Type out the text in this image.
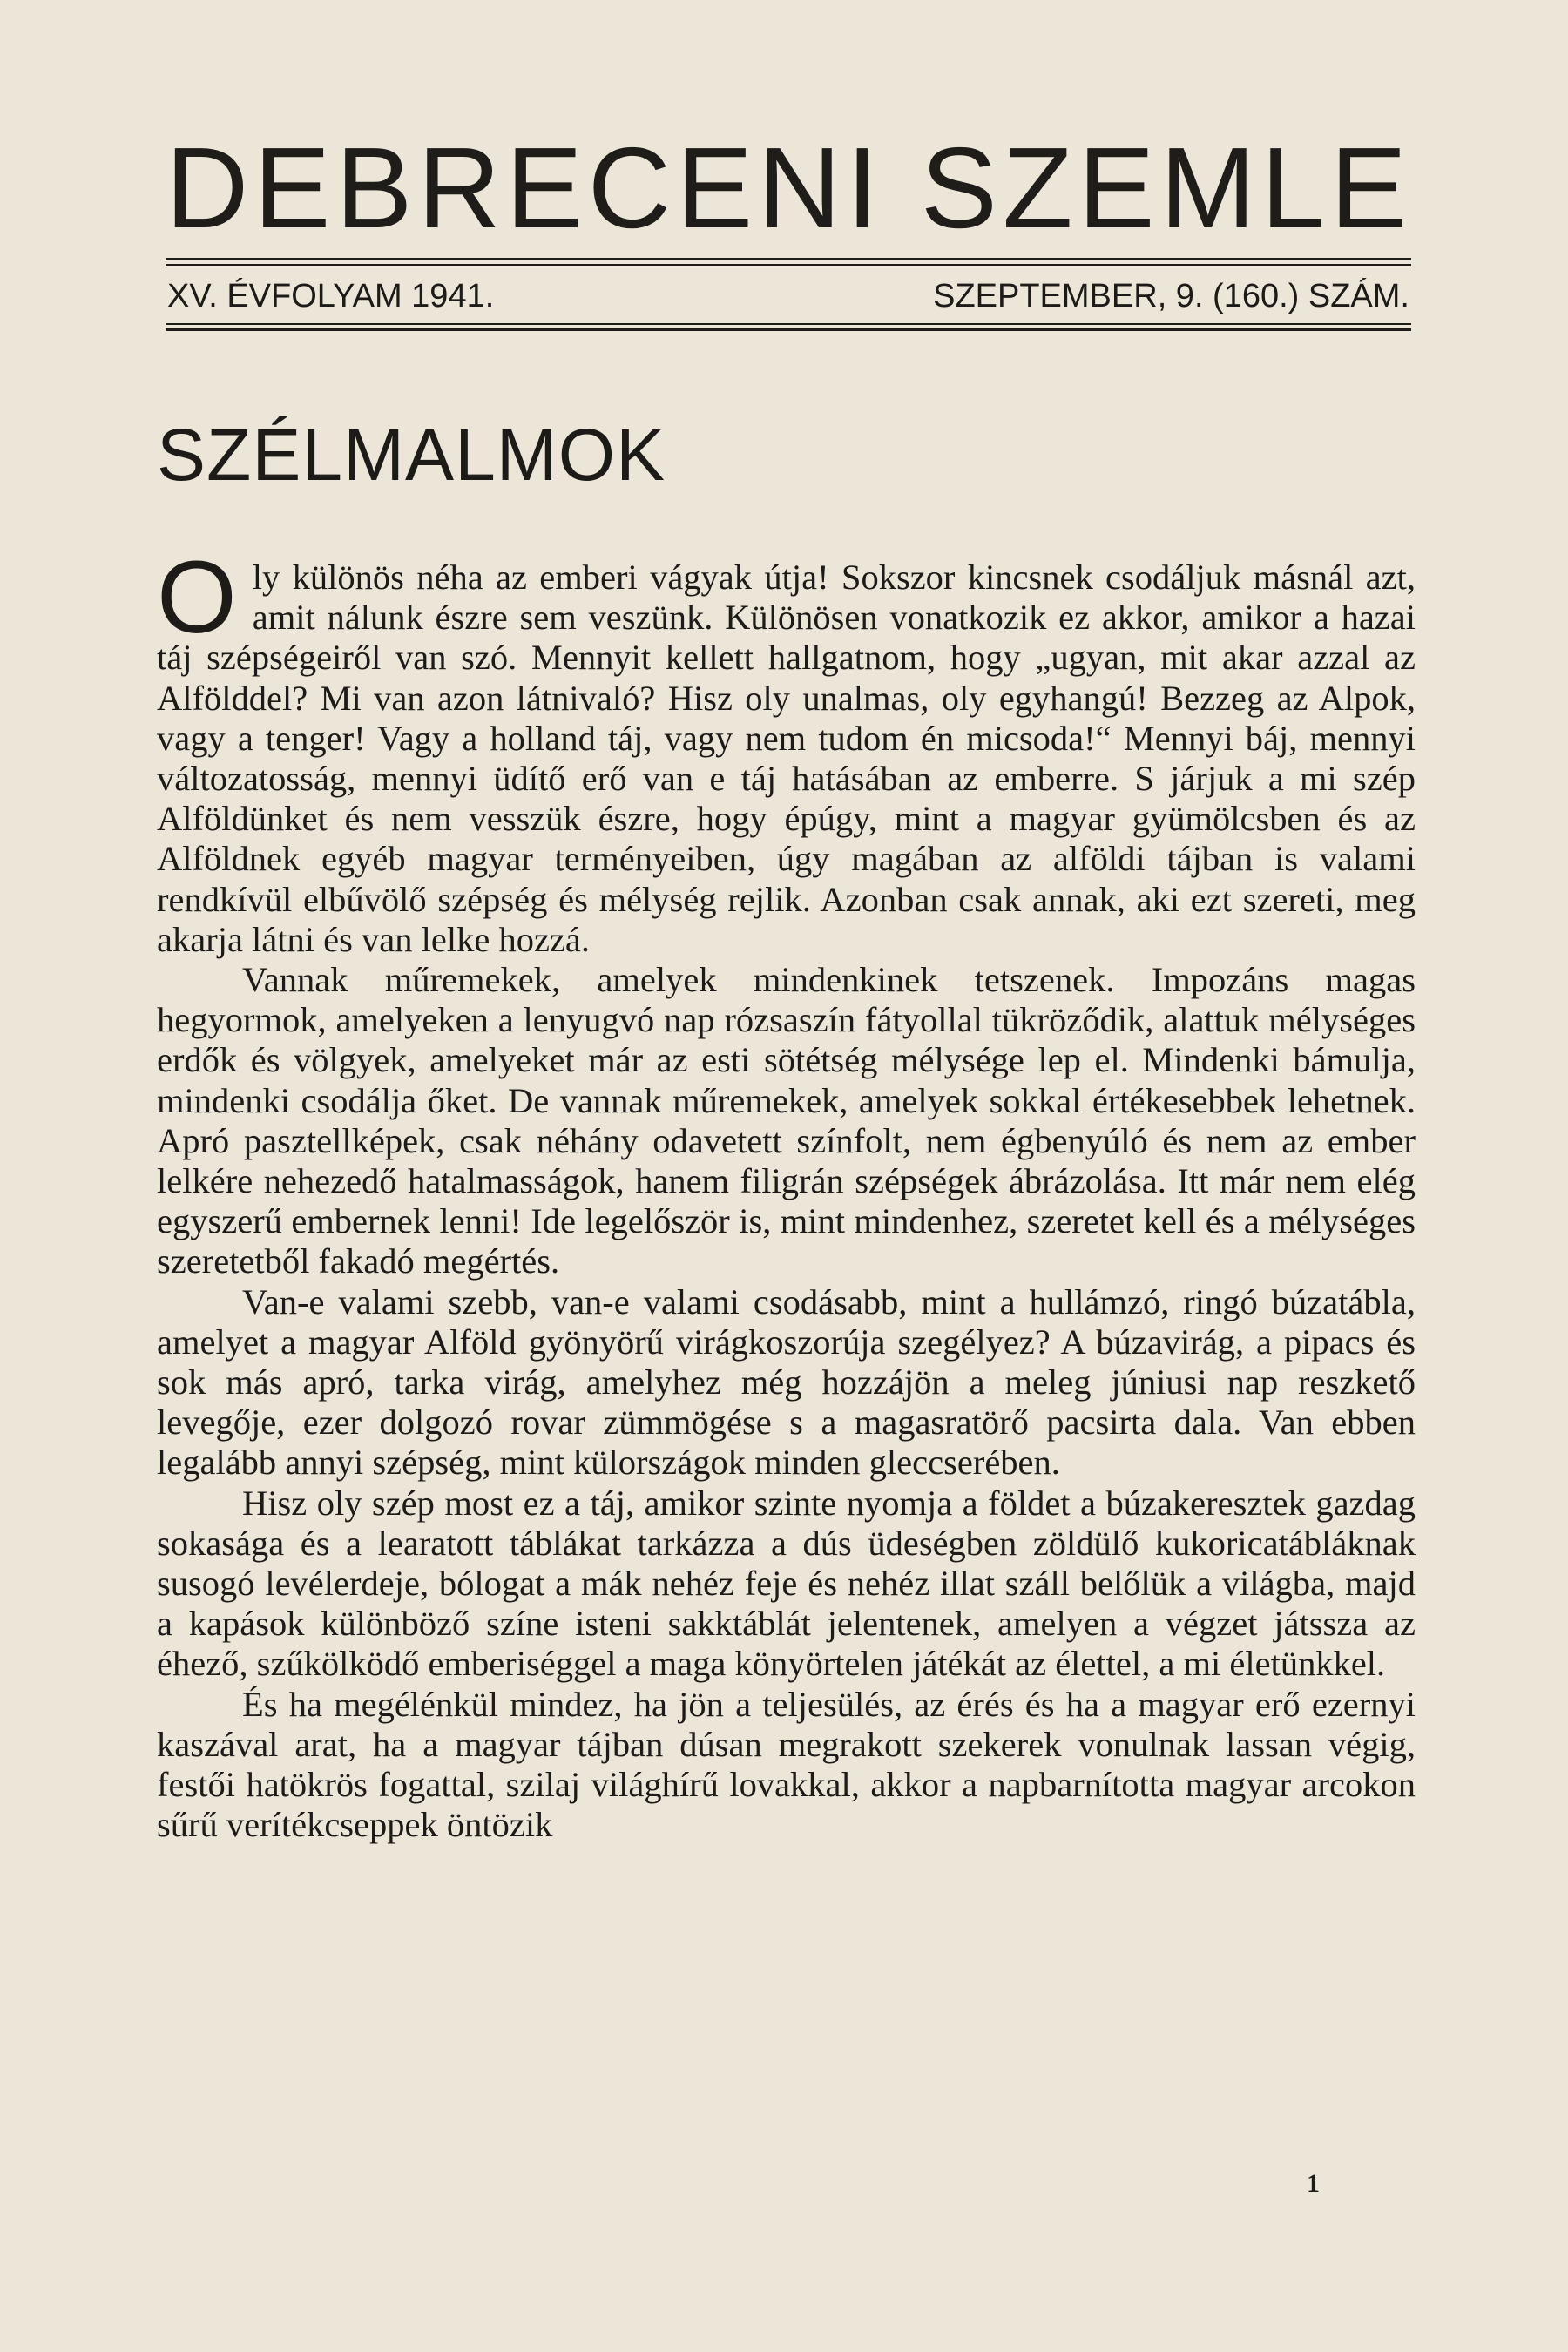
DEBRECENI SZEMLE
XV. ÉVFOLYAM 1941.	SZEPTEMBER, 9. (160.) SZÁM.
SZÉLMALMOK

Oly különös néha az emberi vágyak útja! Sokszor kincsnek csodáljuk másnál azt, amit nálunk észre sem veszünk. Különösen vonatkozik ez akkor, amikor a hazai táj szépségeiről van szó. Mennyit kellett hallgatnom, hogy „ugyan, mit akar azzal az Alfölddel? Mi van azon látnivaló? Hisz oly unalmas, oly egyhangú! Bezzeg az Alpok, vagy a tenger! Vagy a holland táj, vagy nem tudom én micsoda!“ Mennyi báj, mennyi változatosság, mennyi üdítő erő van e táj hatásában az emberre. S járjuk a mi szép Alföldünket és nem vesszük észre, hogy épúgy, mint a magyar gyümölcsben és az Alföldnek egyéb magyar terményeiben, úgy magában az alföldi tájban is valami rendkívül elbűvölő szépség és mélység rejlik. Azonban csak annak, aki ezt szereti, meg akarja látni és van lelke hozzá.

Vannak műremekek, amelyek mindenkinek tetszenek. Impozáns magas hegyormok, amelyeken a lenyugvó nap rózsaszín fátyollal tükröződik, alattuk mélységes erdők és völgyek, amelyeket már az esti sötétség mélysége lep el. Mindenki bámulja, mindenki csodálja őket. De vannak műremekek, amelyek sokkal értékesebbek lehetnek. Apró pasztellképek, csak néhány odavetett színfolt, nem égbenyúló és nem az ember lelkére nehezedő hatalmasságok, hanem filigrán szépségek ábrázolása. Itt már nem elég egyszerű embernek lenni! Ide legelőször is, mint mindenhez, szeretet kell és a mélységes szeretetből fakadó megértés.

Van-e valami szebb, van-e valami csodásabb, mint a hullámzó, ringó búzatábla, amelyet a magyar Alföld gyönyörű virágkoszorúja szegélyez? A búzavirág, a pipacs és sok más apró, tarka virág, amelyhez még hozzájön a meleg júniusi nap reszkető levegője, ezer dolgozó rovar zümmögése s a magasratörő pacsirta dala. Van ebben legalább annyi szépség, mint külországok minden gleccserében.

Hisz oly szép most ez a táj, amikor szinte nyomja a földet a búzakeresztek gazdag sokasága és a learatott táblákat tarkázza a dús üdeségben zöldülő kukoricatábláknak susogó levélerdeje, bólogat a mák nehéz feje és nehéz illat száll belőlük a világba, majd a kapások különböző színe isteni sakktáblát jelentenek, amelyen a végzet játssza az éhező, szűkölködő emberiséggel a maga könyörtelen játékát az élettel, a mi életünkkel.

És ha megélénkül mindez, ha jön a teljesülés, az érés és ha a magyar erő ezernyi kaszával arat, ha a magyar tájban dúsan megrakott szekerek vonulnak lassan végig, festői hatökrös fogattal, szilaj világhírű lovakkal, akkor a napbarnította magyar arcokon sűrű verítékcseppek öntözik

1
